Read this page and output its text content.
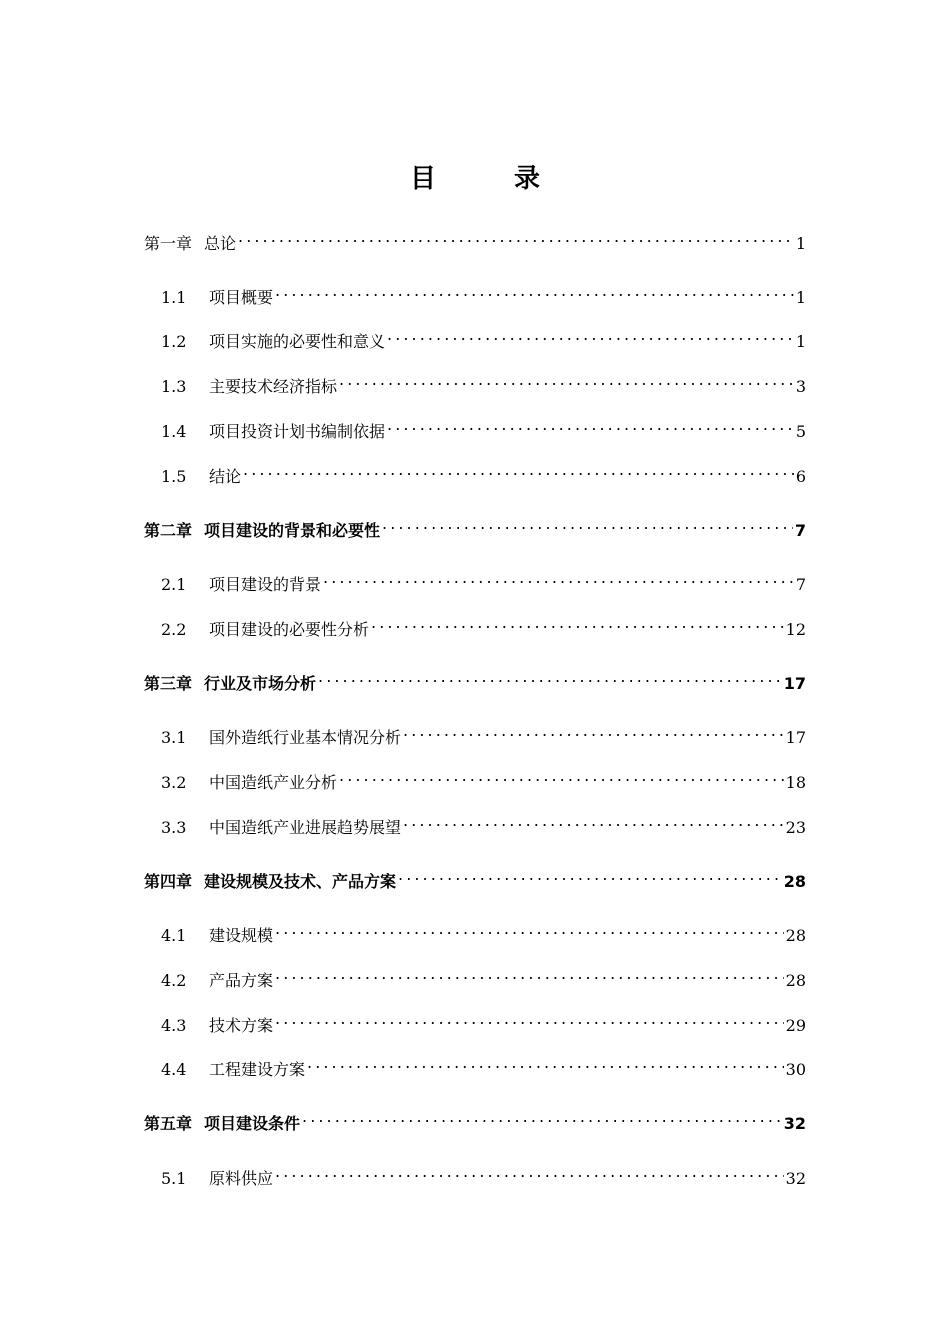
目　录
第一章 总论 . . .	1
1.1	项目概要 . . .	1
1.2	项目实施的必要性和意义 . . .	1
1.3	主要技术经济指标 . . .	3
1.4	项目投资计划书编制依据 . . .	5
1.5	结论 . . .	6
第二章 项目建设的背景和必要性 . . .	7
2.1	项目建设的背景 . . .	7
2.2	项目建设的必要性分析 . . .	12
第三章 行业及市场分析 . . .	17
3.1	国外造纸行业基本情况分析 . . .	17
3.2	中国造纸产业分析 . . .	18
3.3	中国造纸产业进展趋势展望 . . .	23
第四章 建设规模及技术、产品方案 . . .	28
4.1	建设规模 . . .	28
4.2	产品方案 . . .	28
4.3	技术方案 . . .	29
4.4	工程建设方案 . . .	30
第五章 项目建设条件 . . .	32
5.1	原料供应 . . .	32
